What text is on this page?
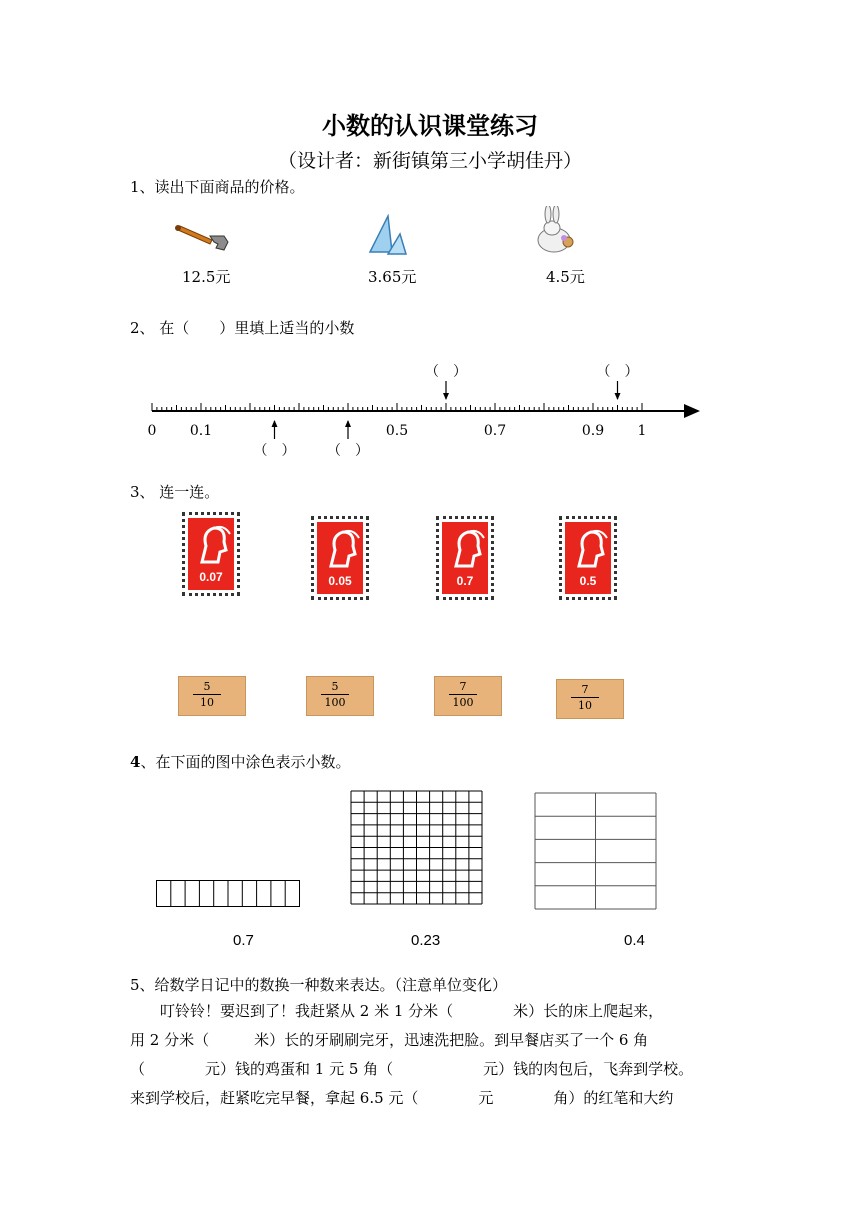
小数的认识课堂练习
（设计者：新街镇第三小学胡佳丹）
1、读出下面商品的价格。
12.5元	3.65元	4.5元
2、 在（　　）里填上适当的小数
0 0.1	0.5	0.7	0.9 1
（　） （　）
（　）	（　）
3、 连一连。
0.07	0.05	0.7	0.5
5
10
5
100
7
100
7
10
4、在下面的图中涂色表示小数。
0.7	0.23	0.4
5、给数学日记中的数换一种数来表达。（注意单位变化）
　　叮铃铃！要迟到了！我赶紧从 2 米 1 分米（　　　　米）长的床上爬起来，
用 2 分米（　　　米）长的牙刷刷完牙，迅速洗把脸。到早餐店买了一个 6 角
（　　　　元）钱的鸡蛋和 1 元 5 角（　　　　　　元）钱的肉包后，飞奔到学校。
来到学校后，赶紧吃完早餐，拿起 6.5 元（　　　　元　　　　角）的红笔和大约
